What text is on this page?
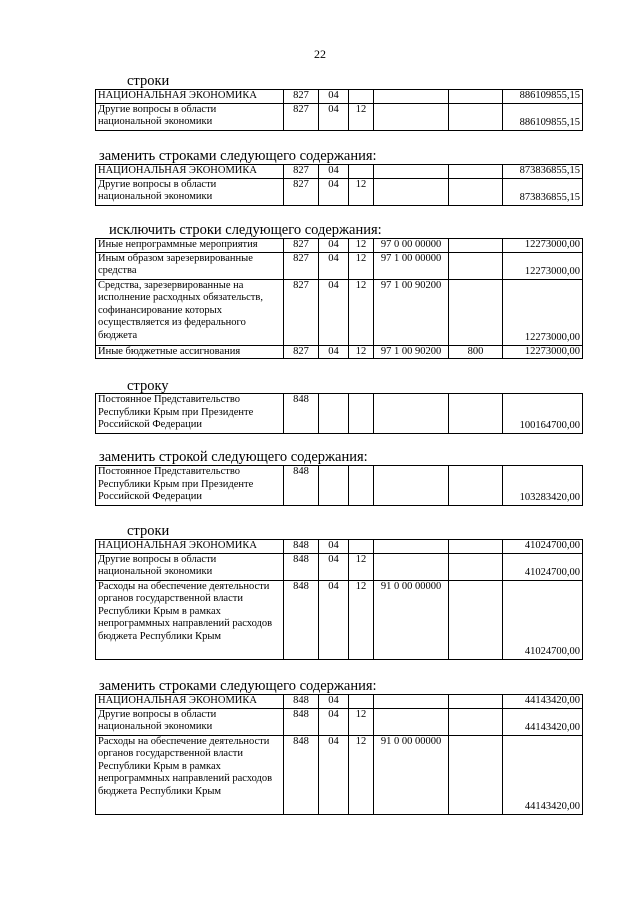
22
строки
НАЦИОНАЛЬНАЯ ЭКОНОМИКА	827	04				886109855,15
Другие вопросы в области национальной экономики	827	04	12			886109855,15
заменить строками следующего содержания:
НАЦИОНАЛЬНАЯ ЭКОНОМИКА	827	04				873836855,15
Другие вопросы в области национальной экономики	827	04	12			873836855,15
исключить строки следующего содержания:
Иные непрограммные мероприятия	827	04	12	97 0 00 00000		12273000,00
Иным образом зарезервированные средства	827	04	12	97 1 00 00000		12273000,00
Средства, зарезервированные на исполнение расходных обязательств, софинансирование которых осуществляется из федерального бюджета	827	04	12	97 1 00 90200		12273000,00
Иные бюджетные ассигнования	827	04	12	97 1 00 90200	800	12273000,00
строку
Постоянное Представительство Республики Крым при Президенте Российской Федерации	848					100164700,00
заменить строкой следующего содержания:
Постоянное Представительство Республики Крым при Президенте Российской Федерации	848					103283420,00
строки
НАЦИОНАЛЬНАЯ ЭКОНОМИКА	848	04				41024700,00
Другие вопросы в области национальной экономики	848	04	12			41024700,00
Расходы на обеспечение деятельности органов государственной власти Республики Крым в рамках непрограммных направлений расходов бюджета Республики Крым	848	04	12	91 0 00 00000		41024700,00
заменить строками следующего содержания:
НАЦИОНАЛЬНАЯ ЭКОНОМИКА	848	04				44143420,00
Другие вопросы в области национальной экономики	848	04	12			44143420,00
Расходы на обеспечение деятельности органов государственной власти Республики Крым в рамках непрограммных направлений расходов бюджета Республики Крым	848	04	12	91 0 00 00000		44143420,00
